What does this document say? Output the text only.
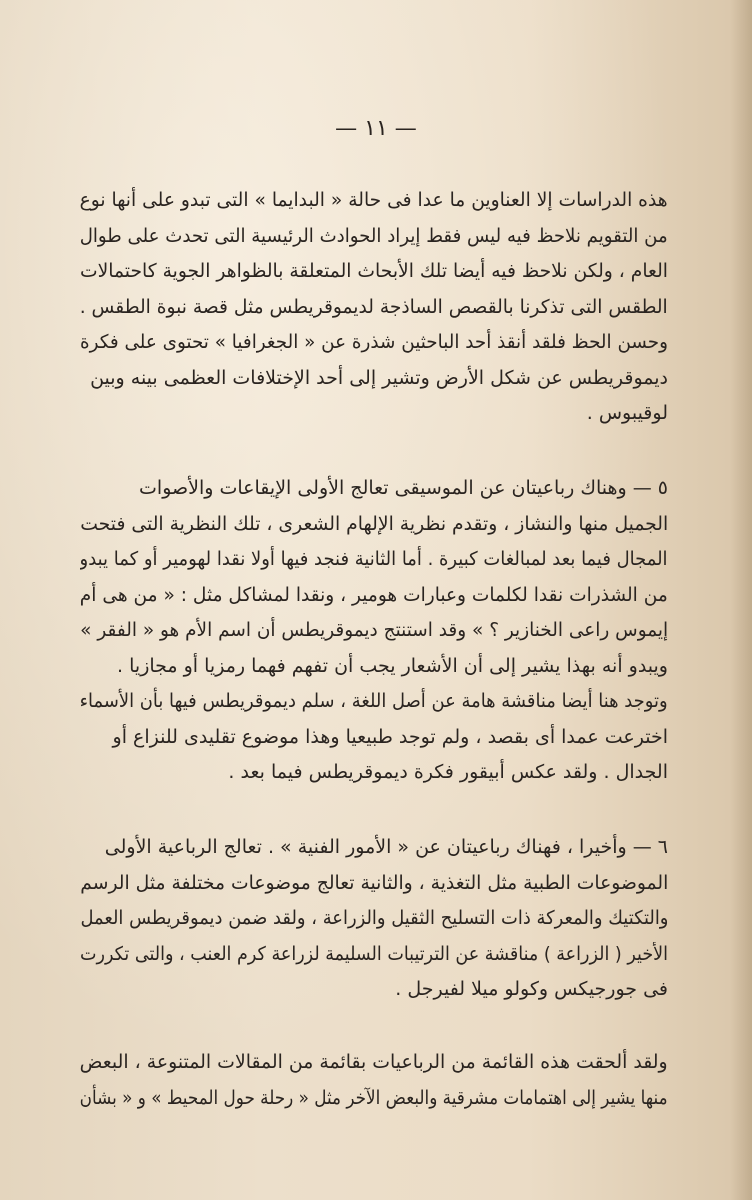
— ١١ —
هذه الدراسات إلا العناوين ما عدا فى حالة « البدايما » التى تبدو على أنها نوع
من التقويم نلاحظ فيه ليس فقط إيراد الحوادث الرئيسية التى تحدث على طوال
العام ، ولكن نلاحظ فيه أيضا تلك الأبحاث المتعلقة بالظواهر الجوية كاحتمالات
الطقس التى تذكرنا بالقصص الساذجة لديموقريطس مثل قصة نبوة الطقس .
وحسن الحظ فلقد أنقذ أحد الباحثين شذرة عن « الجغرافيا » تحتوى على فكرة
ديموقريطس عن شكل الأرض وتشير إلى أحد الإختلافات العظمى بينه وبين
لوقيبوس .
٥ — وهناك رباعيتان عن الموسيقى تعالج الأولى الإيقاعات والأصوات
الجميل منها والنشاز ، وتقدم نظرية الإلهام الشعرى ، تلك النظرية التى فتحت
المجال فيما بعد لمبالغات كبيرة . أما الثانية فنجد فيها أولا نقدا لهومير أو كما يبدو
من الشذرات نقدا لكلمات وعبارات هومير ، ونقدا لمشاكل مثل : « من هى أم
إيموس راعى الخنازير ؟ » وقد استنتج ديموقريطس أن اسم الأم هو « الفقر »
ويبدو أنه بهذا يشير إلى أن الأشعار يجب أن تفهم فهما رمزيا أو مجازيا .
وتوجد هنا أيضا مناقشة هامة عن أصل اللغة ، سلم ديموقريطس فيها بأن الأسماء
اخترعت عمدا أى بقصد ، ولم توجد طبيعيا وهذا موضوع تقليدى للنزاع أو
الجدال . ولقد عكس أبيقور فكرة ديموقريطس فيما بعد .
٦ — وأخيرا ، فهناك رباعيتان عن « الأمور الفنية » . تعالج الرباعية الأولى
الموضوعات الطبية مثل التغذية ، والثانية تعالج موضوعات مختلفة مثل الرسم
والتكتيك والمعركة ذات التسليح الثقيل والزراعة ، ولقد ضمن ديموقريطس العمل
الأخير ( الزراعة ) مناقشة عن الترتيبات السليمة لزراعة كرم العنب ، والتى تكررت
فى جورجيكس وكولو ميلا لفيرجل .
ولقد ألحقت هذه القائمة من الرباعيات بقائمة من المقالات المتنوعة ، البعض
منها يشير إلى اهتمامات مشرقية والبعض الآخر مثل « رحلة حول المحيط » و « بشأن
